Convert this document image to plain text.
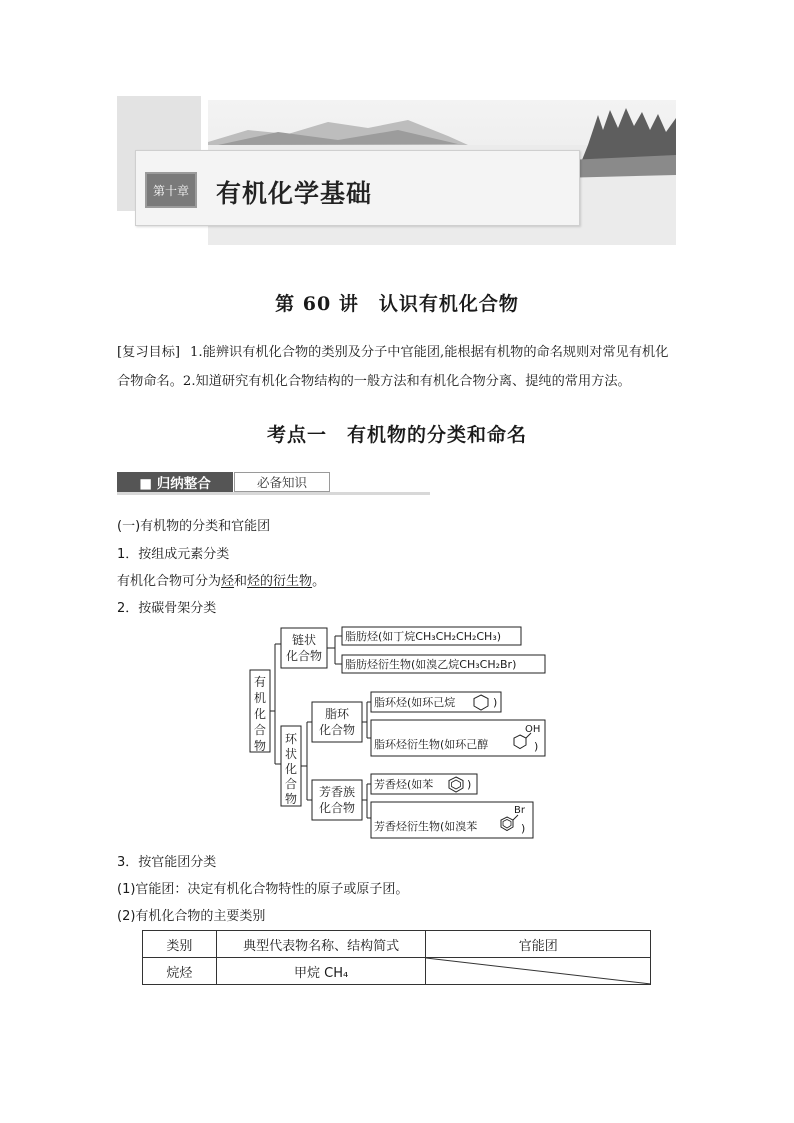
第十章	有机化学基础
第 60 讲　认识有机化合物
[复习目标] 1.能辨识有机化合物的类别及分子中官能团,能根据有机物的命名规则对常见有机化合物命名。2.知道研究有机化合物结构的一般方法和有机化合物分离、提纯的常用方法。
考点一　有机物的分类和命名
■ 归纳整合	必备知识
(一)有机物的分类和官能团
1．按组成元素分类
有机化合物可分为烃和烃的衍生物。
2．按碳骨架分类
有
机
化
合
物
链状
化合物
环
状
化
合
物
脂环
化合物
芳香族
化合物
脂肪烃(如丁烷CH₃CH₂CH₂CH₃)
脂肪烃衍生物(如溴乙烷CH₃CH₂Br)
脂环烃(如环己烷	)
脂环烃衍生物(如环己醇
OH
)
芳香烃(如苯	)
芳香烃衍生物(如溴苯
Br
)
3．按官能团分类
(1)官能团：决定有机化合物特性的原子或原子团。
(2)有机化合物的主要类别
类别	典型代表物名称、结构简式	官能团
烷烃	甲烷 CH₄	
